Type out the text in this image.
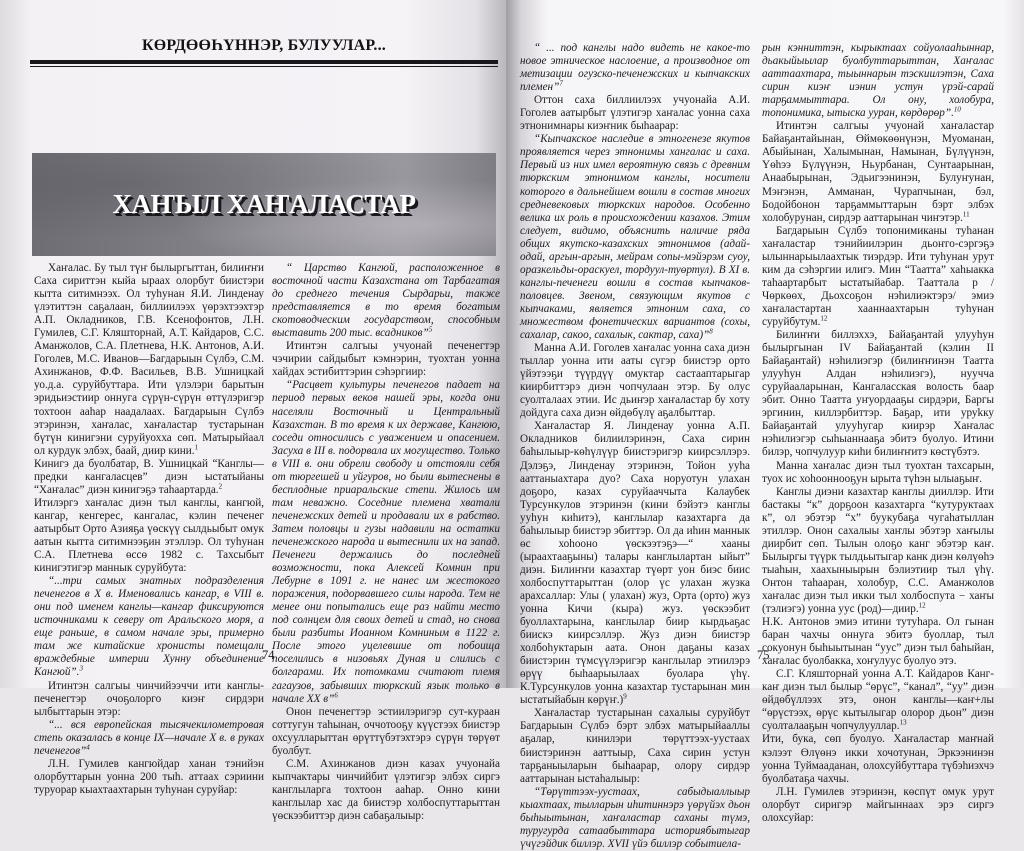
КӨРДӨӨҺҮННЭР, БУЛУУЛАР...
ХАҤЫЛ ХАҤАЛАСТАР

Хаҥалас. Бу тыл түҥ былыргыттан, билиҥҥи Саха сириттэн кыйа ыраах олорбут биистэри кытта ситимнээх. Ол туһунан Я.И. Линденау үлэтиттэн саҕалаан, биллиилээх үөрэхтээхтэр А.П. Окладников, Г.В. Ксенофонтов, Л.Н. Гумилев, С.Г. Кляшторнай, А.Т. Кайдаров, С.С. Аманжолов, С.А. Плетнева, Н.К. Антонов, А.И. Гоголев, М.С. Иванов—Багдарыын Сүлбэ, С.М. Ахинжанов, Ф.Ф. Васильев, В.В. Ушницкай уо.д.а. суруйбуттара. Ити үлэлэри барытын эридьиэстиир оннуга сүрүн-сүрүн өттүлэригэр тохтоон ааһар наадалаах. Багдарыын Сүлбэ этэринэн, хаҥалас, хаҥаластар тустарынан бүтүн кинигэни суруйуохха сөп. Матырыйаал ол курдук элбэх, баай, диир кини.$^1$

Кинигэ да буолбатар, В. Ушницкай “Канглы—предки кангаласцев” диэн ыстатыйаны “Хаҥалас” диэн кинигэҕэ таһаартарда.$^2$

Итилэргэ хаҥалас диэн тыл канглы, кангюй, кангар, кенгерес, кангалас, кэлин печенег аатырбыт Орто Азияҕа үөскүү сылдьыбыт омук аатын кытта ситимнээҕин этэллэр. Ол туһунан С.А. Плетнева өссө 1982 с. Тахсыбыт кинигэтигэр маннык суруйбута:

“...три самых знатных подразделения печенегов в X в. Именовались кангар, в VIII в. они под именем канглы—кангар фиксируются источниками к северу от Аральского моря, а еще раньше, в самом начале эры, примерно там же китайские хронисты помещали враждебные империи Хунну объединение Кангюй”.$^3$

Итинтэн салгыы чинчийээччи ити канглы-печенегтэр очоҕолорго киэҥ сирдэри ылбыттарын этэр:

“... вся европейская тысячекилометровая степь оказалась в конце IX—начале X в. в руках печенегов”$^4$

Л.Н. Гумилев кангюйдар ханан тэнийэн олорбуттарын уонна 200 тыһ. аттаах сэриини туруорар кыахтаахтарын туһунан суруйар:

“ Царство Кангюй, расположенное в восточной части Казахстана от Тарбагатая до среднего течения Сырдарьи, также представляется в то время богатым скотоводческим государством, способным выставить 200 тыс. всадников”$^5$

Итинтэн салгыы учуонай печенегтэр чэчирии сайдыбыт кэмнэрин, туохтан уонна хайдах эстибиттэрин сэһэргиир:

“Расцвет культуры печенегов падает на период первых веков нашей эры, когда они населяли Восточный и Центральный Казахстан. В то время к их державе, Кангюю, соседи относились с уважением и опасением. Засуха в III в. подорвала их могущество. Только в VIII в. они обрели свободу и отстояли себя от тюргешей и уйгуров, но были вытеснены в бесплодные приаральские степи. Жилось им там неважно. Соседние племена хватали печенежских детей и продавали их в рабство. Затем половцы и гузы надавили на остатки печенежского народа и вытеснили их на запад. Печенеги держались до последней возможности, пока Алексей Комнин при Лебурне в 1091 г. не нанес им жестокого поражения, подорвавшего силы народа. Тем не менее они попытались еще раз найти место под солнцем для своих детей и стад, но снова были разбиты Иоанном Комниным в 1122 г. После этого уцелевшие от побоища поселились в низовьях Дуная и слились с болгарами. Их потомками считают племя гагаузов, забывших тюркский язык только в начале XX в”$^6$

Онон печенегтэр эстиилэригэр сут-кураан соттугун таһынан, оччотооҕу күүстээх биистэр охсуулларыттан өрүттүбэтэхтэрэ сүрүн төрүөт буолбут.

С.М. Ахинжанов диэн казах учуонайа кыпчактары чинчийбит үлэтигэр элбэх сиргэ канглыларга тохтоон ааһар. Онно кини канглылар хас да биистэр холбоспуттарыттан үөскээбиттэр диэн сабаҕалыыр:

74

“ ... под канглы надо видеть не какое-то новое этническое наслоение, а производное от метизации огузско-печенежских и кыпчакских племен”$^7$

Оттон саха биллиилээх учуонайа А.И. Гоголев аатырбыт үлэтигэр хаҥалас уонна саха этнонимнары киэҥник быһаарар:

“Кыпчакское наследие в этногенезе якутов проявляется через этнонимы хангалас и саха. Первый из них имел вероятную связь с древним тюркским этнонимом канглы, носители которого в дальнейшем вошли в состав многих средневековых тюркских народов. Особенно велика их роль в происхождении казахов. Этим следует, видимо, объяснить наличие ряда общих якутско-казахских этнонимов (адай-одай, аргын-аргын, мейрам сопы-мэйэрэм суоу, оразкельды-ораскуел, тордуул-туөртул). В XI в. канглы-печенеги вошли в состав кыпчаков-половцев. Звеном, связующим якутов с кыпчаками, является этноним саха, со множеством фонетических вариантов (сохы, сахалар, сакоо, сахалык, сактар, саха)”$^8$

Манна А.И. Гоголев хаҥалас уонна саха диэн тыллар уонна ити ааты сүгэр биистэр орто үйэтээҕи түүрдүү омуктар састааптарыгар киирбиттэрэ диэн чопчулаан этэр. Бу олус суолталаах этии. Ис дьиҥэр хаҥаластар бу хоту дойдуга саха диэн өйдөбүлү аҕалбыттар.

Хаҥаластар Я. Линденау уонна А.П. Окладников билиилэринэн, Саха сирин баһылыыр-көһүлүүр биистэригэр киирсэллэрэ. Дэлэҕэ, Линденау этэринэн, Тойон ууһа ааттаныахтара дуо? Саха норуотун улахан доҕоро, казах суруйааччыта Калаубек Турсункулов этэринэн (кини бэйэтэ канглы ууһун киһитэ), канглылар казахтарга да баһылыыр биистэр эбиттэр. Ол да иһин маннык өс хоһооно үөскээтэҕэ—“ хааны (ыраахтааҕыны) талары канглылартан ыйыт” диэн. Билиҥҥи казахтар түөрт уон биэс биис холбоспуттарыттан (олор үс улахан жузка арахсаллар: Улы ( улахан) жуз, Орта (орто) жуз уонна Кичи (кыра) жуз. үөскээбит буоллахтарына, канглылар биир кырдьаҕас биискэ киирсэллэр. Жуз диэн биистэр холбоһуктарын аата. Онон даҕаны казах биистэрин түмсүүлэригэр канглылар этиилэрэ өрүү быһаарыылаах буолара үһү. К.Турсункулов уонна казахтар тустарынан мин ыстатыйабын көрүҥ.)$^9$

Хаҥаластар тустарынан сахалыы суруйбут Багдарыын Сүлбэ бэрт элбэх матырыйааллы аҕалар, кинилэри төрүттээх-уустаах биистэринэн ааттыыр, Саха сирин устун тарҕаныыларын быһаарар, олору сирдэр ааттарынан ыстаһалыыр:

“Төрүттээх-уустаах, сабыдыаллыыр кыахтаах, тылларын иһитиннэрэ үөрүйэх дьон быһыытынан, хаҥаластар саханы түмэ, туругурда сатаабыттара историябытыгар үчүгэйдик биллэр. XVII үйэ биллэр событиела-

рын кэнниттэн, кырыктаах сойуолааһыннар, дьакыйыылар буолбуттарыттан, Хаҥалас ааттаахтара, тыыннарын тэскиилэтэн, Саха сирин киэҥ иэнин устун үрэй-сарай тарҕаммыттара. Ол ону, холобура, топонимика, ытыска ууран, көрдөрөр”.$^{10}$

Итинтэн салгыы учуонай хаҥаластар Байаҕантайынан, Өймөкөөнүнэн, Муоманан, Абыйынан, Халымынан, Намынан, Бүлүүнэн, Үөһээ Бүлүүнэн, Ньурбанан, Сунтаарынан, Анаабырынан, Эдьигээнинэн, Булуҥунан, Мэҥэнэн, Амманан, Чурапчынан, бэл, Бодойбонон тарҕаммыттарын бэрт элбэх холобурунан, сирдэр ааттарынан чиҥэтэр.$^{11}$

Багдарыын Сүлбэ топонимиканы туһанан хаҥаластар тэнийиилэрин дьоҥго-сэргэҕэ ылыннарыылаахтык тиэрдэр. Ити туһунан урут ким да сэһэргии илигэ. Мин “Таатта” хаһыакка таһаартарбыт ыстатыйабар. Тааттала р /Чөркөөх, Дьохсоҕон нэһилиэктэрэ/ эмиэ хаҥаластартан хааннаахтарын туһунан суруйбутум.$^{12}$

Билиҥҥи биллэххэ, Байаҕантай улууһун былыргынан IV Байаҕантай (кэлин II Байаҕантай) нэһилиэгэр (билиҥҥинэн Таатта улууһун Алдан нэһилиэгэ), нуучча суруйааларынан, Кангаласская волость баар эбит. Онно Таатта уҥуордааҕы сирдэри, Баргы эргинин, киллэрбиттэр. Баҕар, ити уруkку Байаҕантай улууһугар киирэр Хаҥалас нэһилиэгэр сыһыаннааҕа эбитэ буолуо. Итини билэр, чопчулуур киһи билиҥҥитэ көстүбэтэ.

Манна хаҥалас диэн тыл туохтан тахсарын, туох ис хоһооннооҕун ырыта түһэн ылыаҕыҥ.

Канглы диэни казахтар канглы дииллэр. Ити бастакы “к” дорҕоон казахтарга “кутуруктаах к”, ол эбэтэр “х” буукубаҕа чугаһатыллан этиллэр. Онон сахалыы хаҥлы эбэтэр хаҥылы диирбит сөп. Тылын олоҕо канг эбэтэр каҥ. Былыргы түүрк тылдьытыгар канк диэн көлүөһэ тыаһын, хаахыныырын бэлиэтиир тыл үһү. Онтон таһааран, холобур, С.С. Аманжолов хаҥалас диэн тыл икки тыл холбоспута − хаҥы (тэлиэгэ) уонна уус (род)—диир.$^{12}$

Н.К. Антонов эмиэ итини тутуһара. Ол гынан баран чахчы оннуга эбитэ буоллар, тыл сокуонун быһыытынан “уус” диэн тыл баһыйан, хаҥалас буолбакка, хоҥулуус буолуо этэ.

С.Г. Кляшторнай уонна А.Т. Кайдаров Канг-каҥ диэн тыл былыр “өрүс”, “канал”, “уу” диэн өйдөбүллээх этэ, онон канглы—каҥ+лы “өрүстээх, өрүс кытылыгар олорор дьон” диэн суолталааҕын чопчулууллар.$^{13}$

Ити, бука, сөп буолуо. Хаҥаластар маҥнай кэлээт Өлүөнэ икки хочотунан, Эркээнинэн уонна Туймааданан, олохсуйбуттара түбэһиэхчэ буолбатаҕа чахчы.

Л.Н. Гумилев этэринэн, көспүт омук урут олорбут сиригэр майгыннаах эрэ сиргэ олохсуйар:

75
